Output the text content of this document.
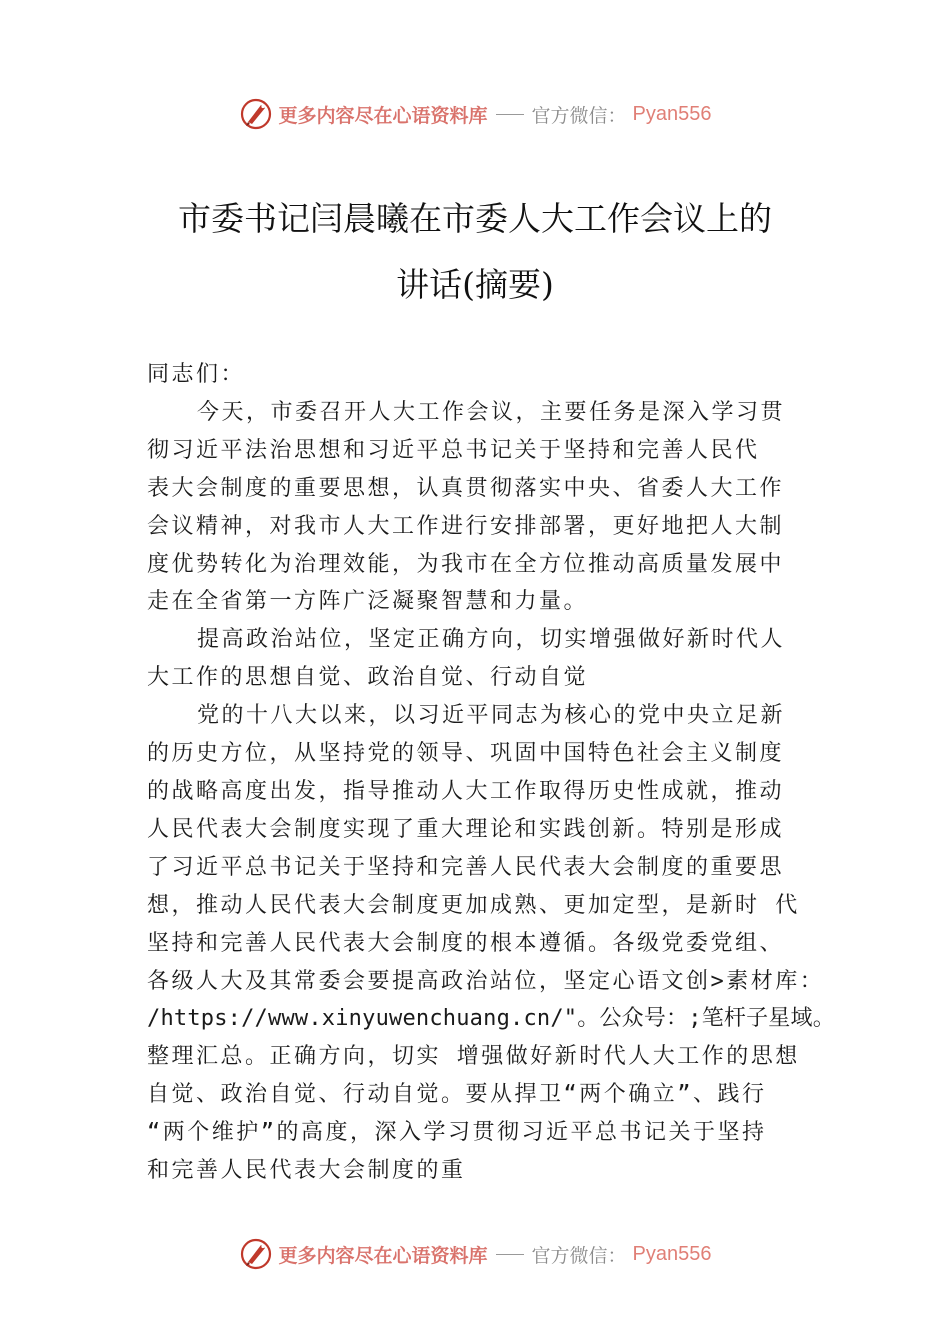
更多内容尽在心语资料库 官方微信： Pyan556
市委书记闫晨曦在市委人大工作会议上的
讲话(摘要)
同志们：
今天，市委召开人大工作会议，主要任务是深入学习贯
彻习近平法治思想和习近平总书记关于坚持和完善人民代
表大会制度的重要思想，认真贯彻落实中央、省委人大工作
会议精神，对我市人大工作进行安排部署，更好地把人大制
度优势转化为治理效能，为我市在全方位推动高质量发展中
走在全省第一方阵广泛凝聚智慧和力量。
提高政治站位，坚定正确方向，切实增强做好新时代人
大工作的思想自觉、政治自觉、行动自觉
党的十八大以来，以习近平同志为核心的党中央立足新
的历史方位，从坚持党的领导、巩固中国特色社会主义制度
的战略高度出发，指导推动人大工作取得历史性成就，推动
人民代表大会制度实现了重大理论和实践创新。特别是形成
了习近平总书记关于坚持和完善人民代表大会制度的重要思
想，推动人民代表大会制度更加成熟、更加定型，是新时 代
坚持和完善人民代表大会制度的根本遵循。各级党委党组、
各级人大及其常委会要提高政治站位，坚定心语文创>素材库：
/https://www.xinyuwenchuang.cn/"。公众号：;笔杆子星域。
整理汇总。正确方向，切实 增强做好新时代人大工作的思想
自觉、政治自觉、行动自觉。要从捍卫“两个确立”、践行
“两个维护”的高度，深入学习贯彻习近平总书记关于坚持
和完善人民代表大会制度的重
更多内容尽在心语资料库 官方微信： Pyan556
